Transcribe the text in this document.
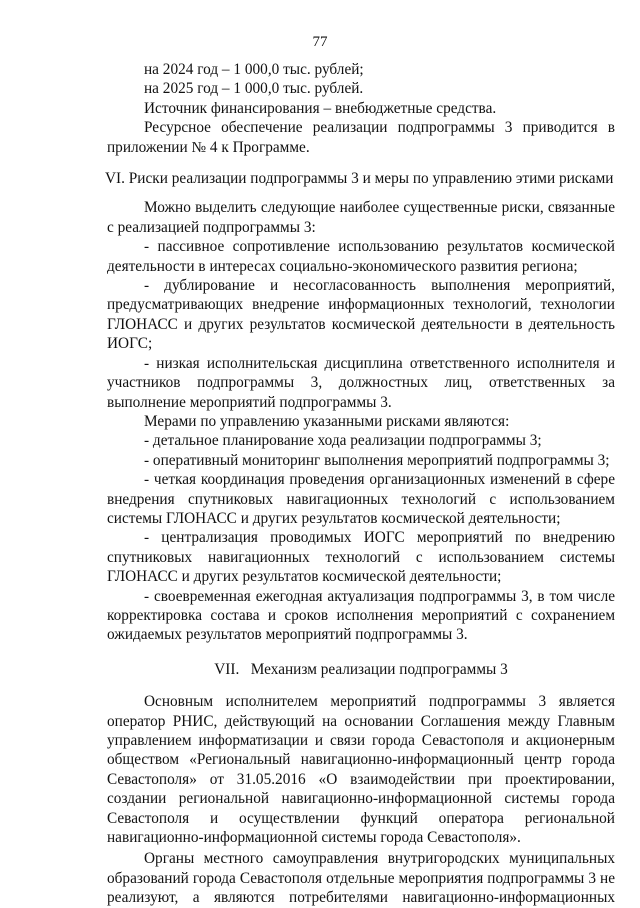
77

на 2024 год – 1 000,0 тыс. рублей;

на 2025 год – 1 000,0 тыс. рублей.

Источник финансирования – внебюджетные средства.

Ресурсное обеспечение реализации подпрограммы 3 приводится в приложении № 4 к Программе.

VI. Риски реализации подпрограммы 3 и меры по управлению этими рисками

Можно выделить следующие наиболее существенные риски, связанные с реализацией подпрограммы 3:

- пассивное сопротивление использованию результатов космической деятельности в интересах социально-экономического развития региона;

- дублирование и несогласованность выполнения мероприятий, предусматривающих внедрение информационных технологий, технологии ГЛОНАСС и других результатов космической деятельности в деятельность ИОГС;

- низкая исполнительская дисциплина ответственного исполнителя и участников подпрограммы 3, должностных лиц, ответственных за выполнение мероприятий подпрограммы 3.

Мерами по управлению указанными рисками являются:

- детальное планирование хода реализации подпрограммы 3;

- оперативный мониторинг выполнения мероприятий подпрограммы 3;

- четкая координация проведения организационных изменений в сфере внедрения спутниковых навигационных технологий с использованием системы ГЛОНАСС и других результатов космической деятельности;

- централизация проводимых ИОГС мероприятий по внедрению спутниковых навигационных технологий с использованием системы ГЛОНАСС и других результатов космической деятельности;

- своевременная ежегодная актуализация подпрограммы 3, в том числе корректировка состава и сроков исполнения мероприятий с сохранением ожидаемых результатов мероприятий подпрограммы 3.

VII.   Механизм реализации подпрограммы 3

Основным исполнителем мероприятий подпрограммы 3 является оператор РНИС, действующий на основании Соглашения между Главным управлением информатизации и связи города Севастополя и акционерным обществом «Региональный навигационно-информационный центр города Севастополя» от 31.05.2016 «О взаимодействии при проектировании, создании региональной навигационно-информационной системы города Севастополя и осуществлении функций оператора региональной навигационно-информационной системы города Севастополя».

Органы местного самоуправления внутригородских муниципальных образований города Севастополя отдельные мероприятия подпрограммы 3 не реализуют, а являются потребителями навигационно-информационных
